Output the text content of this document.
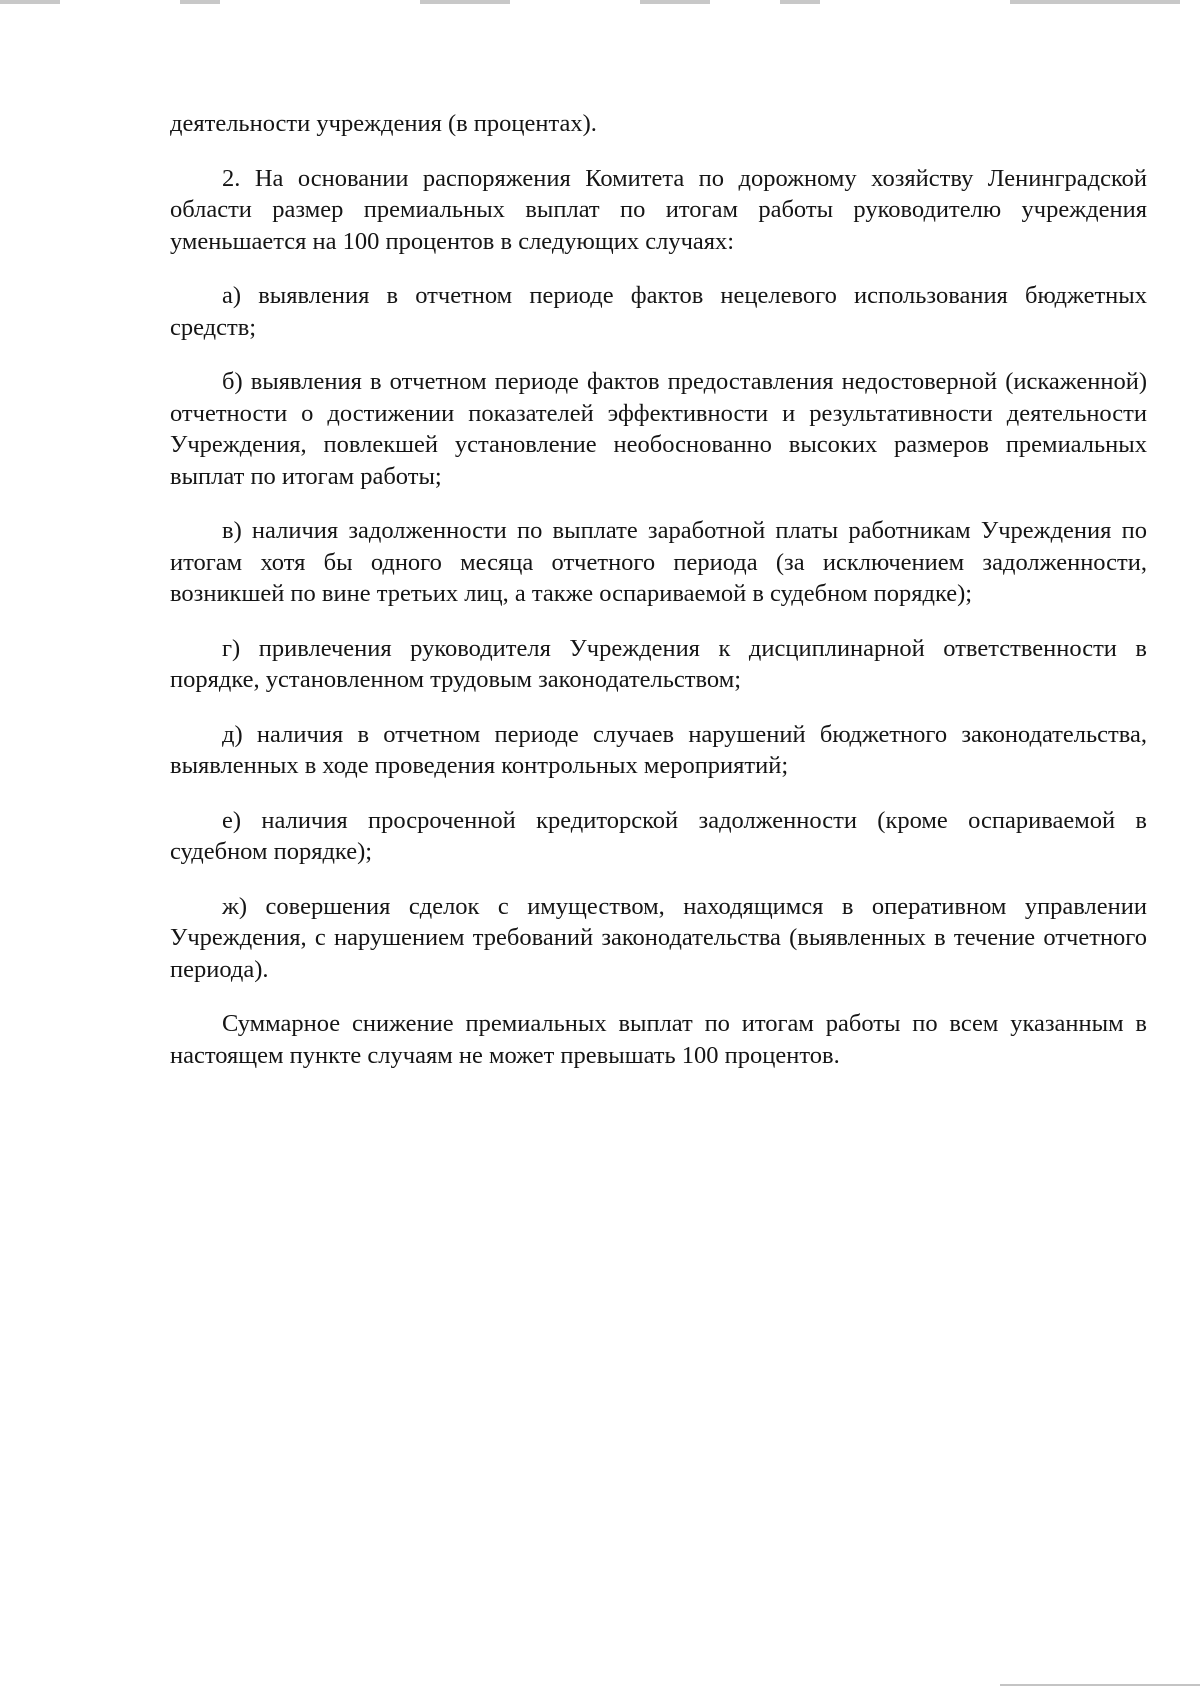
деятельности учреждения (в процентах).

2. На основании распоряжения Комитета по дорожному хозяйству Ленинградской области размер премиальных выплат по итогам работы руководителю учреждения уменьшается на 100 процентов в следующих случаях:

а) выявления в отчетном периоде фактов нецелевого использования бюджетных средств;

б) выявления в отчетном периоде фактов предоставления недостоверной (искаженной) отчетности о достижении показателей эффективности и результативности деятельности Учреждения, повлекшей установление необоснованно высоких размеров премиальных выплат по итогам работы;

в) наличия задолженности по выплате заработной платы работникам Учреждения по итогам хотя бы одного месяца отчетного периода (за исключением задолженности, возникшей по вине третьих лиц, а также оспариваемой в судебном порядке);

г) привлечения руководителя Учреждения к дисциплинарной ответственности в порядке, установленном трудовым законодательством;

д) наличия в отчетном периоде случаев нарушений бюджетного законодательства, выявленных в ходе проведения контрольных мероприятий;

е) наличия просроченной кредиторской задолженности (кроме оспариваемой в судебном порядке);

ж) совершения сделок с имуществом, находящимся в оперативном управлении Учреждения, с нарушением требований законодательства (выявленных в течение отчетного периода).

Суммарное снижение премиальных выплат по итогам работы по всем указанным в настоящем пункте случаям не может превышать 100 процентов.
